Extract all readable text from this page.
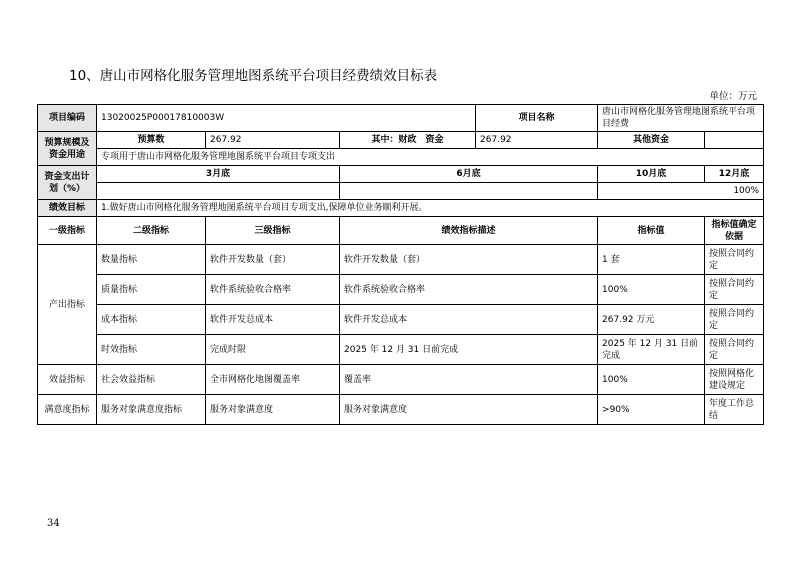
10、唐山市网格化服务管理地图系统平台项目经费绩效目标表
单位：万元
项目编码	13020025P00017810003W			项目名称	唐山市网格化服务管理地图系统平台项目经费	
预算规模及资金用途	预算数	267.92	其中：财政　资金	267.92	其他资金	
	专项用于唐山市网格化服务管理地图系统平台项目专项支出					
资金支出计划（%）	3月底		6月底		10月底	12月底
					100%	
绩效目标	1.做好唐山市网格化服务管理地图系统平台项目专项支出,保障单位业务顺利开展。					
一级指标	二级指标	三级指标	绩效指标描述		指标值	指标值确定依据
产出指标	数量指标	软件开发数量（套）	软件开发数量（套）		1 套	按照合同约定
	质量指标	软件系统验收合格率	软件系统验收合格率		100%	按照合同约定
	成本指标	软件开发总成本	软件开发总成本		267.92 万元	按照合同约定
	时效指标	完成时限	2025 年 12 月 31 日前完成		2025 年 12 月 31 日前完成	按照合同约定
效益指标	社会效益指标	全市网格化地图覆盖率	覆盖率		100%	按照网格化建设规定
满意度指标	服务对象满意度指标	服务对象满意度	服务对象满意度		>90%	年度工作总结
34
